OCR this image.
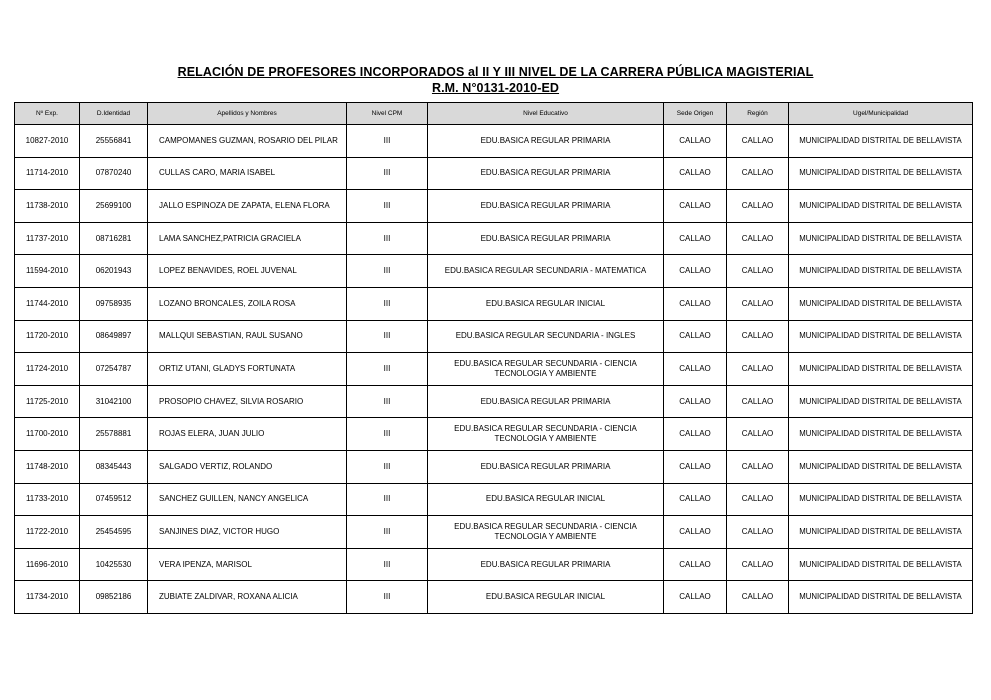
RELACIÓN DE PROFESORES INCORPORADOS al II Y III NIVEL DE LA CARRERA PÚBLICA MAGISTERIAL
R.M. N°0131-2010-ED
Nº Exp.	D.Identidad	Apellidos y Nombres	Nivel CPM	Nivel Educativo	Sede Origen	Región	Ugel/Municipalidad
10827-2010	25556841	CAMPOMANES GUZMAN, ROSARIO DEL PILAR	III	EDU.BASICA REGULAR PRIMARIA	CALLAO	CALLAO	MUNICIPALIDAD DISTRITAL DE BELLAVISTA
11714-2010	07870240	CULLAS CARO, MARIA ISABEL	III	EDU.BASICA REGULAR PRIMARIA	CALLAO	CALLAO	MUNICIPALIDAD DISTRITAL DE BELLAVISTA
11738-2010	25699100	JALLO ESPINOZA DE ZAPATA, ELENA FLORA	III	EDU.BASICA REGULAR PRIMARIA	CALLAO	CALLAO	MUNICIPALIDAD DISTRITAL DE BELLAVISTA
11737-2010	08716281	LAMA SANCHEZ,PATRICIA GRACIELA	III	EDU.BASICA REGULAR PRIMARIA	CALLAO	CALLAO	MUNICIPALIDAD DISTRITAL DE BELLAVISTA
11594-2010	06201943	LOPEZ BENAVIDES, ROEL JUVENAL	III	EDU.BASICA REGULAR SECUNDARIA - MATEMATICA	CALLAO	CALLAO	MUNICIPALIDAD DISTRITAL DE BELLAVISTA
11744-2010	09758935	LOZANO BRONCALES, ZOILA ROSA	III	EDU.BASICA REGULAR INICIAL	CALLAO	CALLAO	MUNICIPALIDAD DISTRITAL DE BELLAVISTA
11720-2010	08649897	MALLQUI SEBASTIAN, RAUL SUSANO	III	EDU.BASICA REGULAR SECUNDARIA - INGLES	CALLAO	CALLAO	MUNICIPALIDAD DISTRITAL DE BELLAVISTA
11724-2010	07254787	ORTIZ UTANI, GLADYS FORTUNATA	III	EDU.BASICA REGULAR SECUNDARIA - CIENCIA TECNOLOGIA Y AMBIENTE	CALLAO	CALLAO	MUNICIPALIDAD DISTRITAL DE BELLAVISTA
11725-2010	31042100	PROSOPIO CHAVEZ, SILVIA ROSARIO	III	EDU.BASICA REGULAR PRIMARIA	CALLAO	CALLAO	MUNICIPALIDAD DISTRITAL DE BELLAVISTA
11700-2010	25578881	ROJAS ELERA, JUAN JULIO	III	EDU.BASICA REGULAR SECUNDARIA - CIENCIA TECNOLOGIA Y AMBIENTE	CALLAO	CALLAO	MUNICIPALIDAD DISTRITAL DE BELLAVISTA
11748-2010	08345443	SALGADO VERTIZ, ROLANDO	III	EDU.BASICA REGULAR PRIMARIA	CALLAO	CALLAO	MUNICIPALIDAD DISTRITAL DE BELLAVISTA
11733-2010	07459512	SANCHEZ GUILLEN, NANCY ANGELICA	III	EDU.BASICA REGULAR INICIAL	CALLAO	CALLAO	MUNICIPALIDAD DISTRITAL DE BELLAVISTA
11722-2010	25454595	SANJINES DIAZ, VICTOR HUGO	III	EDU.BASICA REGULAR SECUNDARIA - CIENCIA TECNOLOGIA Y AMBIENTE	CALLAO	CALLAO	MUNICIPALIDAD DISTRITAL DE BELLAVISTA
11696-2010	10425530	VERA IPENZA, MARISOL	III	EDU.BASICA REGULAR PRIMARIA	CALLAO	CALLAO	MUNICIPALIDAD DISTRITAL DE BELLAVISTA
11734-2010	09852186	ZUBIATE ZALDIVAR, ROXANA ALICIA	III	EDU.BASICA REGULAR INICIAL	CALLAO	CALLAO	MUNICIPALIDAD DISTRITAL DE BELLAVISTA
